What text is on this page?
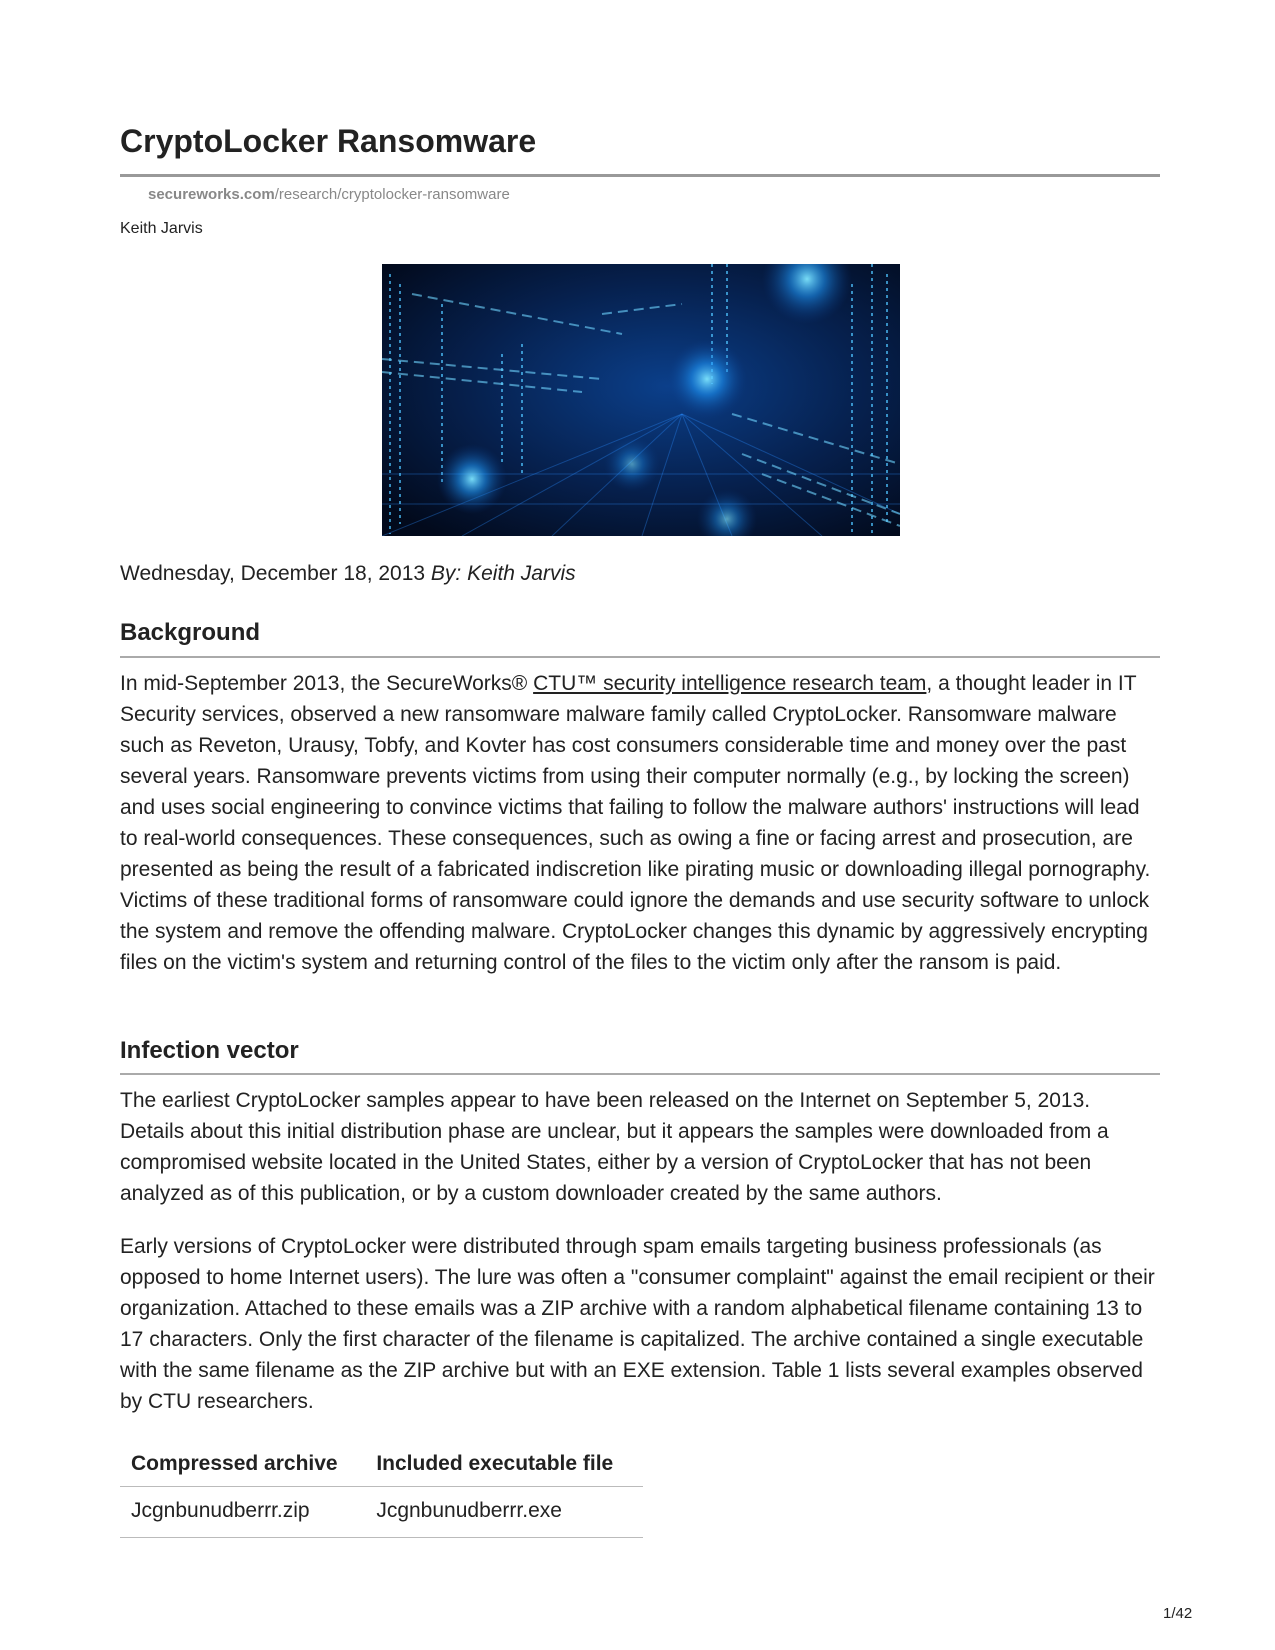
CryptoLocker Ransomware
secureworks.com/research/cryptolocker-ransomware
Keith Jarvis
Wednesday, December 18, 2013 By: Keith Jarvis
Background

In mid-September 2013, the SecureWorks® CTU™ security intelligence research team, a thought leader in IT Security services, observed a new ransomware malware family called CryptoLocker. Ransomware malware such as Reveton, Urausy, Tobfy, and Kovter has cost consumers considerable time and money over the past several years. Ransomware prevents victims from using their computer normally (e.g., by locking the screen) and uses social engineering to convince victims that failing to follow the malware authors' instructions will lead to real-world consequences. These consequences, such as owing a fine or facing arrest and prosecution, are presented as being the result of a fabricated indiscretion like pirating music or downloading illegal pornography. Victims of these traditional forms of ransomware could ignore the demands and use security software to unlock the system and remove the offending malware. CryptoLocker changes this dynamic by aggressively encrypting files on the victim's system and returning control of the files to the victim only after the ransom is paid.

Infection vector

The earliest CryptoLocker samples appear to have been released on the Internet on September 5, 2013. Details about this initial distribution phase are unclear, but it appears the samples were downloaded from a compromised website located in the United States, either by a version of CryptoLocker that has not been analyzed as of this publication, or by a custom downloader created by the same authors.

Early versions of CryptoLocker were distributed through spam emails targeting business professionals (as opposed to home Internet users). The lure was often a "consumer complaint" against the email recipient or their organization. Attached to these emails was a ZIP archive with a random alphabetical filename containing 13 to 17 characters. Only the first character of the filename is capitalized. The archive contained a single executable with the same filename as the ZIP archive but with an EXE extension. Table 1 lists several examples observed by CTU researchers.

Compressed archive	Included executable file
Jcgnbunudberrr.zip	Jcgnbunudberrr.exe
1/42
